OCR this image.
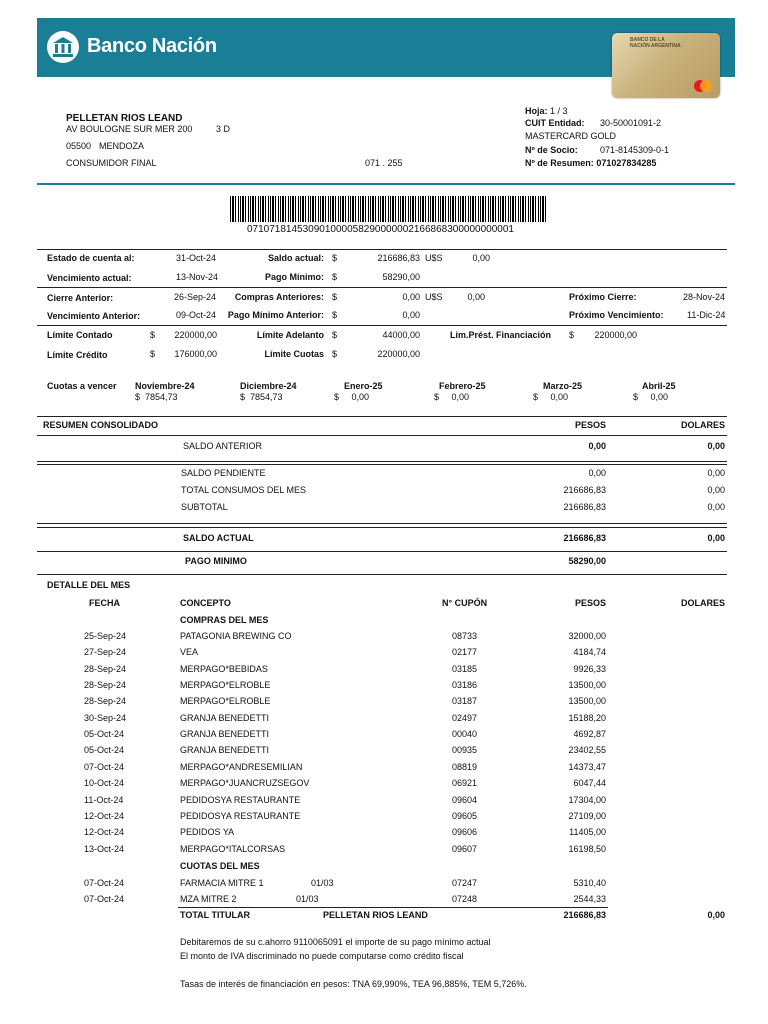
Banco Nación	BANCO DE LA
NACIÓN ARGENTINA
PELLETAN RIOS LEAND
AV BOULOGNE SUR MER 200	3 D
05500 MENDOZA
CONSUMIDOR FINAL	071 . 255
Hoja: 1 / 3
CUIT Entidad: 30-50001091-2
MASTERCARD GOLD
Nº de Socio: 071-8145309-0-1
Nº de Resumen: 071027834285
071071814530901000058290000002166868300000000001
Estado de cuenta al:	31-Oct-24	Saldo actual: $	216686,83 U$S	0,00
Vencimiento actual:	13-Nov-24	Pago Mínimo: $	58290,00
Cierre Anterior:	26-Sep-24	Compras Anteriores: $	0,00 U$S	0,00	Próximo Cierre:	28-Nov-24
Vencimiento Anterior:	09-Oct-24	Pago Mínimo Anterior: $	0,00	Próximo Vencimiento:	11-Dic-24
Límite Contado	$	220000,00	Límite Adelanto $	44000,00	Lim.Prést. Financiación $	220000,00
Límite Crédito	$	176000,00	Límite Cuotas $	220000,00
Cuotas a vencer Noviembre-24
$ 7854,73
Diciembre-24
$ 7854,73
Enero-25
$ 0,00
Febrero-25
$ 0,00
Marzo-25
$ 0,00
Abril-25
$ 0,00
RESUMEN CONSOLIDADO	PESOS	DOLARES
SALDO ANTERIOR	0,00	0,00
SALDO PENDIENTE	0,00	0,00
TOTAL CONSUMOS DEL MES	216686,83	0,00
SUBTOTAL	216686,83	0,00
SALDO ACTUAL	216686,83	0,00
PAGO MINIMO	58290,00
DETALLE DEL MES
FECHA	CONCEPTO	N° CUPÓN	PESOS	DOLARES
COMPRAS DEL MES
25-Sep-24	PATAGONIA BREWING CO	08733	32000,00
27-Sep-24	VEA	02177	4184,74
28-Sep-24	MERPAGO*BEBIDAS	03185	9926,33
28-Sep-24	MERPAGO*ELROBLE	03186	13500,00
28-Sep-24	MERPAGO*ELROBLE	03187	13500,00
30-Sep-24	GRANJA BENEDETTI	02497	15188,20
05-Oct-24	GRANJA BENEDETTI	00040	4692,87
05-Oct-24	GRANJA BENEDETTI	00935	23402,55
07-Oct-24	MERPAGO*ANDRESEMILIAN	08819	14373,47
10-Oct-24	MERPAGO*JUANCRUZSEGOV	06921	6047,44
11-Oct-24	PEDIDOSYA RESTAURANTE	09604	17304,00
12-Oct-24	PEDIDOSYA RESTAURANTE	09605	27109,00
12-Oct-24	PEDIDOS YA	09606	11405,00
13-Oct-24	MERPAGO*ITALCORSAS	09607	16198,50
CUOTAS DEL MES
07-Oct-24	FARMACIA MITRE 1	01/03	07247	5310,40
07-Oct-24	MZA MITRE 2	01/03	07248	2544,33
TOTAL TITULAR	PELLETAN RIOS LEAND	216686,83	0,00
Debitaremos de su c.ahorro 9110065091 el importe de su pago mínimo actual
El monto de IVA discriminado no puede computarse como crédito fiscal
Tasas de interés de financiación en pesos: TNA 69,990%, TEA 96,885%, TEM 5,726%.
